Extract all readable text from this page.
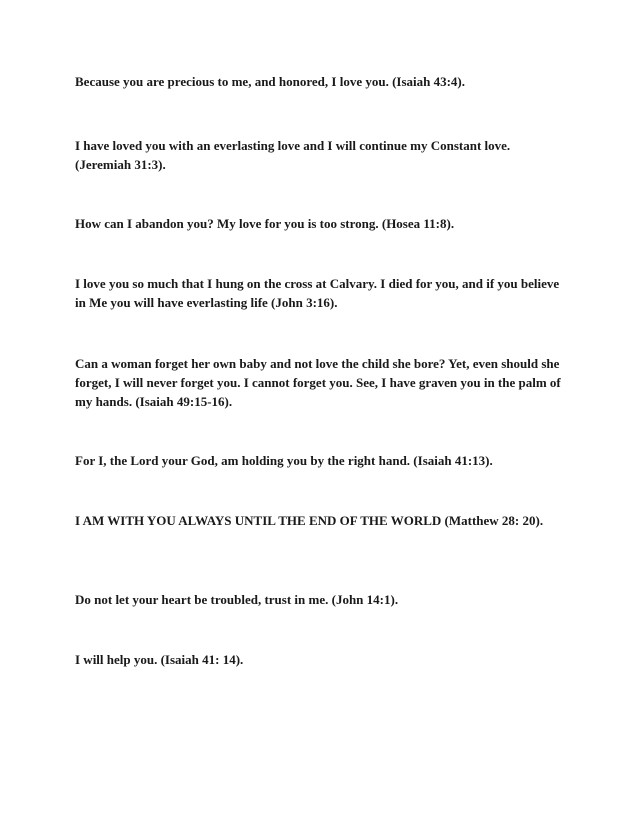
Because you are precious to me, and honored, I love you. (Isaiah 43:4).

I have loved you with an everlasting love and I will continue my Constant love. (Jeremiah 31:3).

How can I abandon you? My love for you is too strong. (Hosea 11:8).

I love you so much that I hung on the cross at Calvary. I died for you, and if you believe in Me you will have everlasting life (John 3:16).

Can a woman forget her own baby and not love the child she bore? Yet, even should she forget, I will never forget you. I cannot forget you. See, I have graven you in the palm of my hands. (Isaiah 49:15-16).

For I, the Lord your God, am holding you by the right hand. (Isaiah 41:13).

I AM WITH YOU ALWAYS UNTIL THE END OF THE WORLD (Matthew 28: 20).

Do not let your heart be troubled, trust in me. (John 14:1).

I will help you. (Isaiah 41: 14).
